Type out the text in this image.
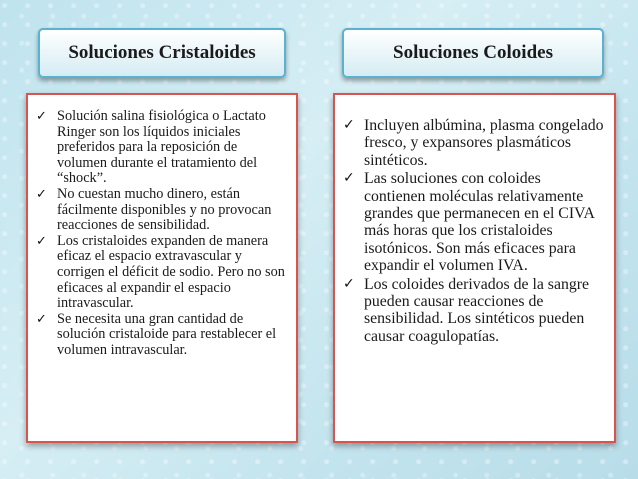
Soluciones Cristaloides	Soluciones Coloides
✓ Solución salina fisiológica o Lactato Ringer son los líquidos iniciales preferidos para la reposición de volumen durante el tratamiento del “shock”.
✓ No cuestan mucho dinero, están fácilmente disponibles y no provocan reacciones de sensibilidad.
✓ Los cristaloides expanden de manera eficaz el espacio extravascular y corrigen el déficit de sodio. Pero no son eficaces al expandir el espacio intravascular.
✓ Se necesita una gran cantidad de solución cristaloide para restablecer el volumen intravascular.
✓ Incluyen albúmina, plasma congelado fresco, y expansores plasmáticos sintéticos.
✓ Las soluciones con coloides contienen moléculas relativamente grandes que permanecen en el CIVA más horas que los cristaloides isotónicos. Son más eficaces para expandir el volumen IVA.
✓ Los coloides derivados de la sangre pueden causar reacciones de sensibilidad. Los sintéticos pueden causar coagulopatías.
